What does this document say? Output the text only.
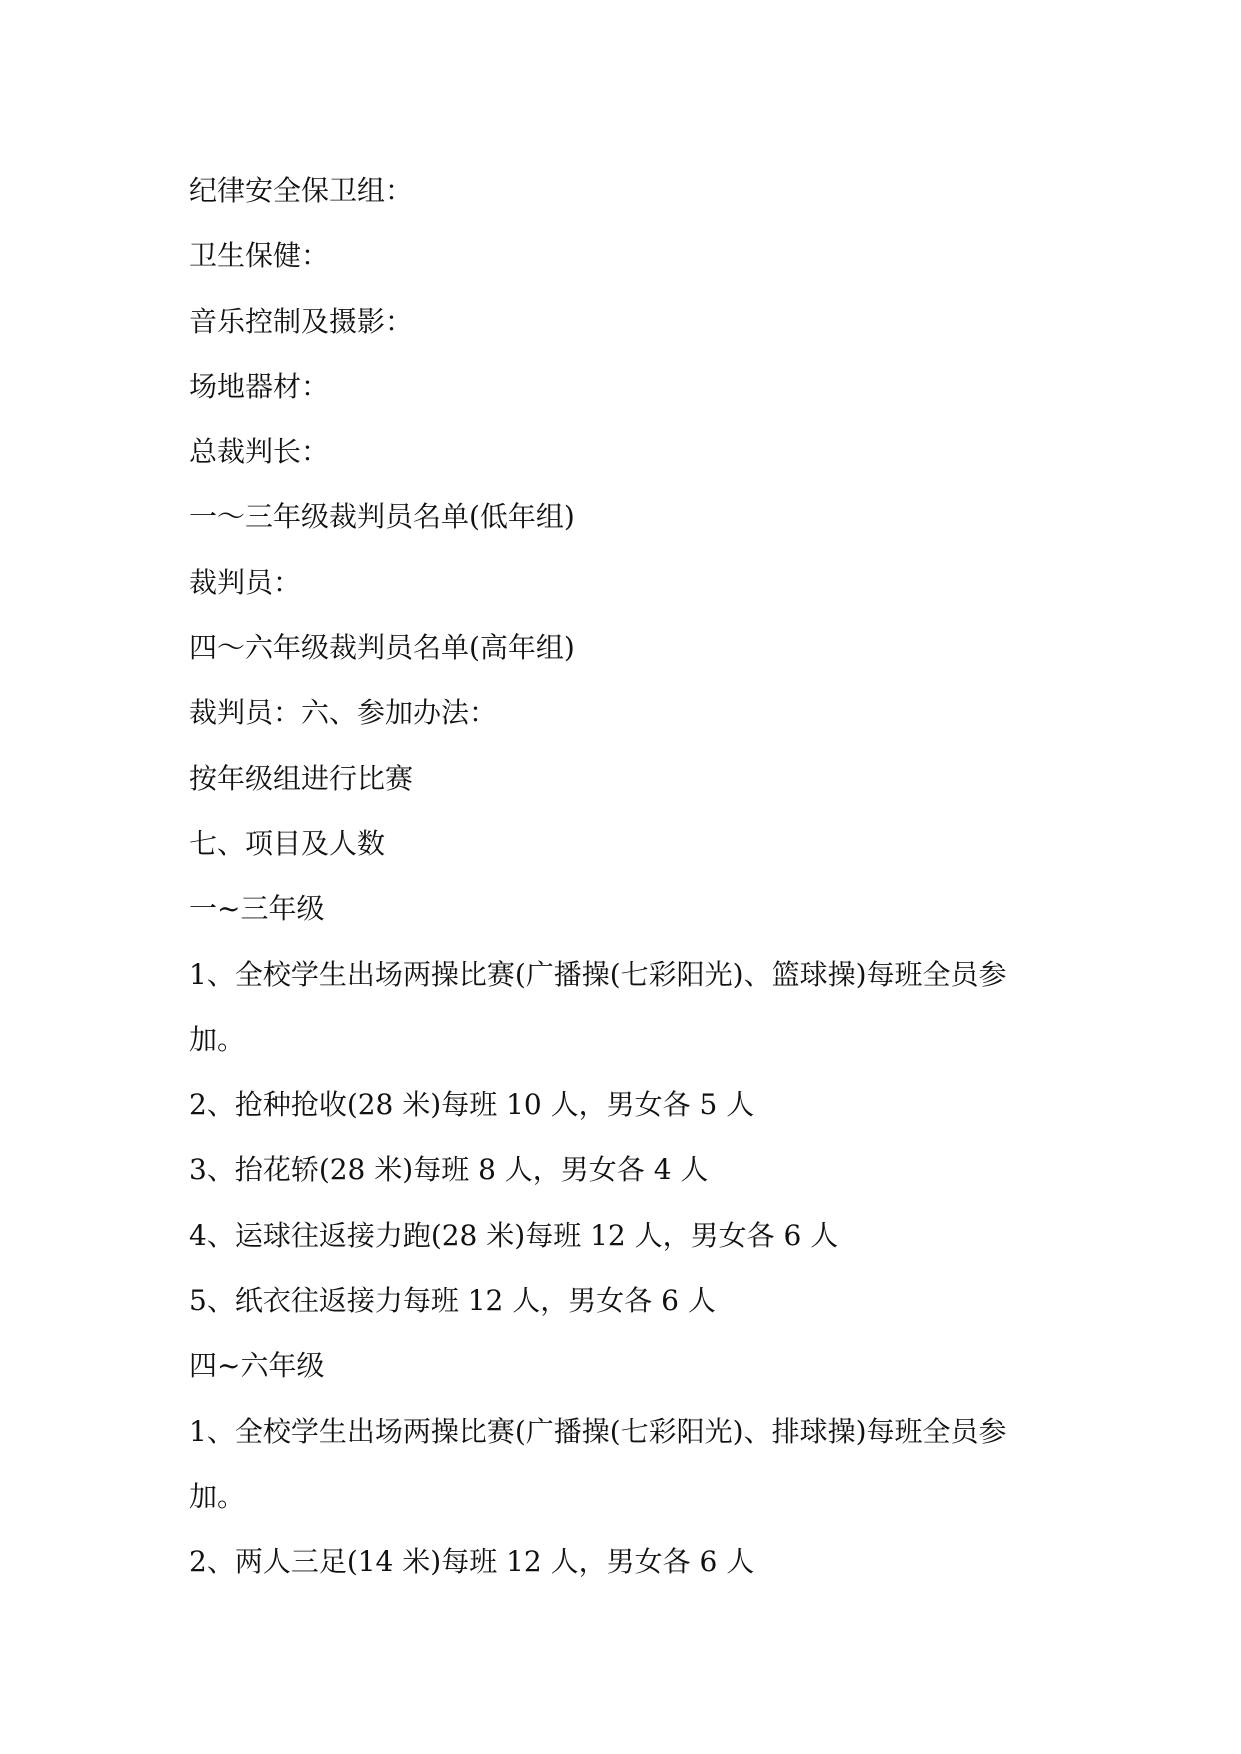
纪律安全保卫组：
卫生保健：
音乐控制及摄影：
场地器材：
总裁判长：
一～三年级裁判员名单(低年组)
裁判员：
四～六年级裁判员名单(高年组)
裁判员：六、参加办法：
按年级组进行比赛
七、项目及人数
一~三年级
1、全校学生出场两操比赛(广播操(七彩阳光)、篮球操)每班全员参
加。
2、抢种抢收(28 米)每班 10 人，男女各 5 人
3、抬花轿(28 米)每班 8 人，男女各 4 人
4、运球往返接力跑(28 米)每班 12 人，男女各 6 人
5、纸衣往返接力每班 12 人，男女各 6 人
四~六年级
1、全校学生出场两操比赛(广播操(七彩阳光)、排球操)每班全员参
加。
2、两人三足(14 米)每班 12 人，男女各 6 人
